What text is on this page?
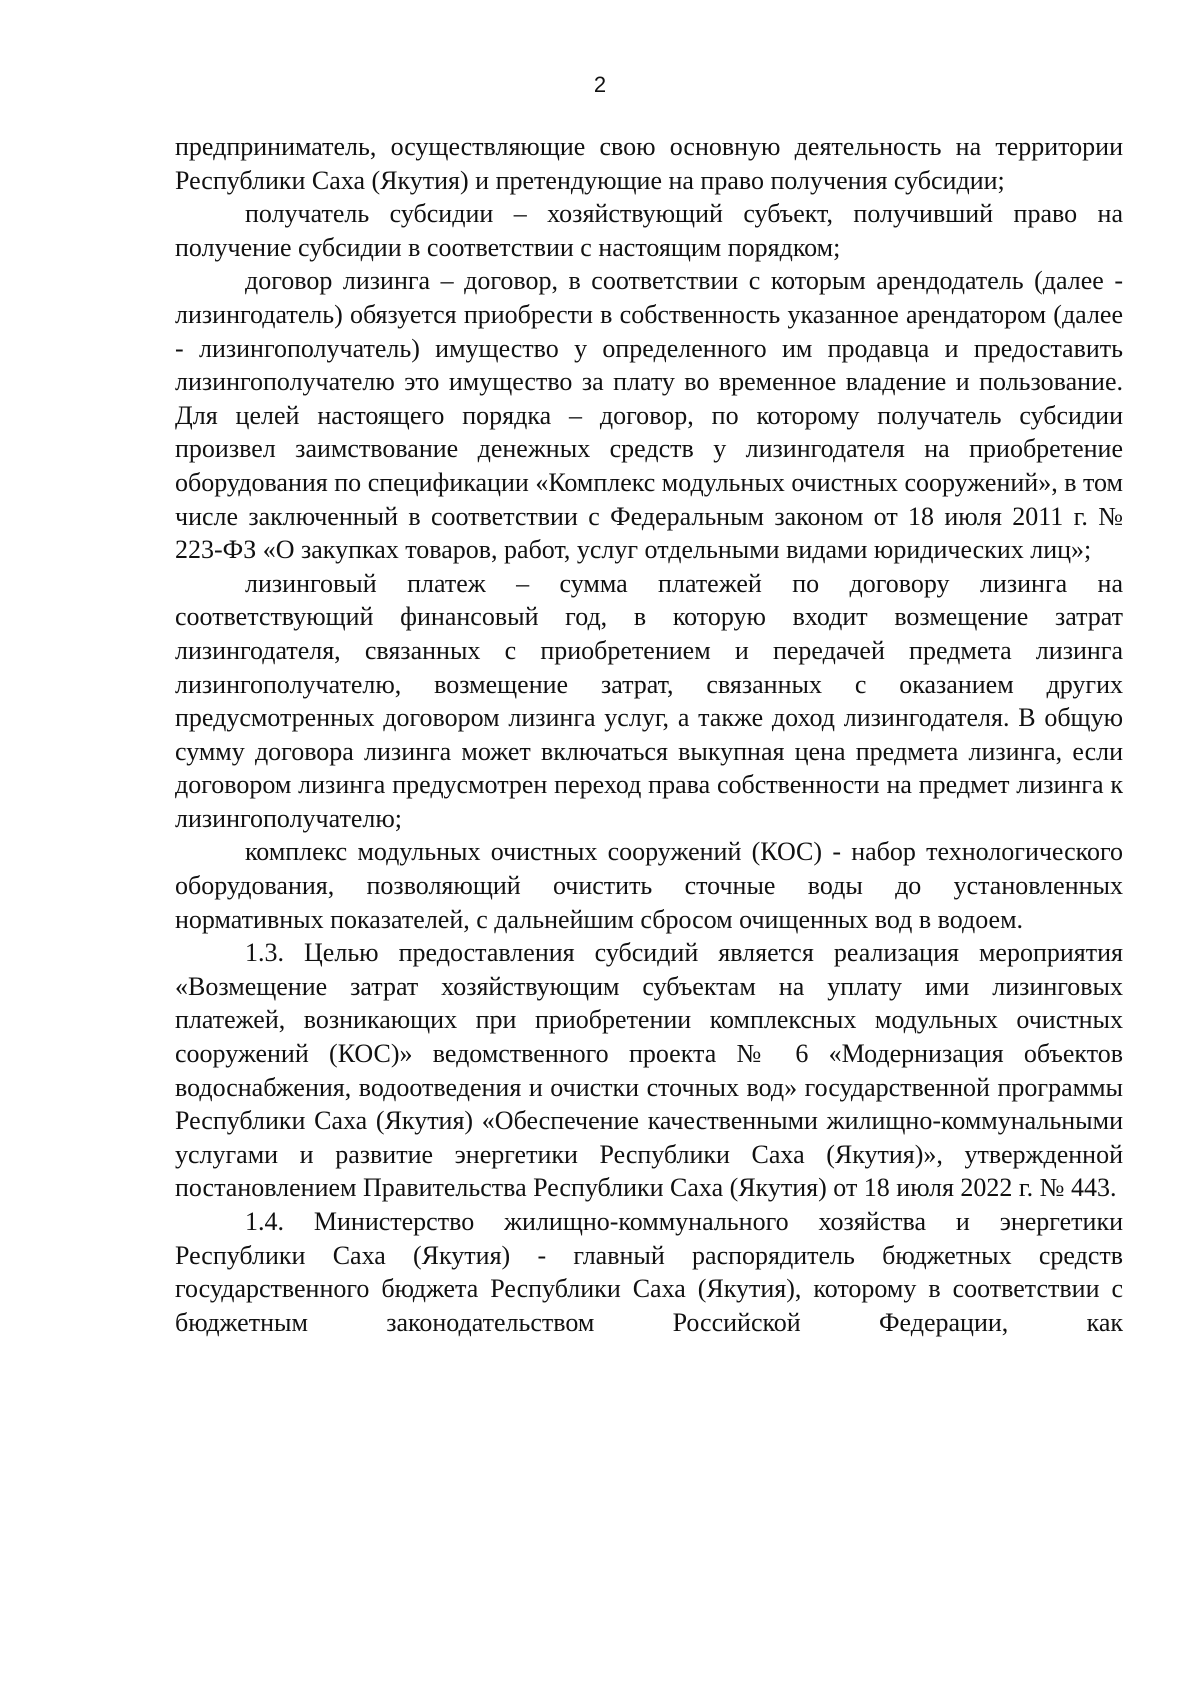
2

предприниматель, осуществляющие свою основную деятельность на территории Республики Саха (Якутия) и претендующие на право получения субсидии;

получатель субсидии – хозяйствующий субъект, получивший право на получение субсидии в соответствии с настоящим порядком;

договор лизинга – договор, в соответствии с которым арендодатель (далее - лизингодатель) обязуется приобрести в собственность указанное арендатором (далее - лизингополучатель) имущество у определенного им продавца и предоставить лизингополучателю это имущество за плату во временное владение и пользование. Для целей настоящего порядка – договор, по которому получатель субсидии произвел заимствование денежных средств у лизингодателя на приобретение оборудования по спецификации «Комплекс модульных очистных сооружений», в том числе заключенный в соответствии с Федеральным законом от 18 июля 2011 г. № 223-ФЗ «О закупках товаров, работ, услуг отдельными видами юридических лиц»;

лизинговый платеж – сумма платежей по договору лизинга на соответствующий финансовый год, в которую входит возмещение затрат лизингодателя, связанных с приобретением и передачей предмета лизинга лизингополучателю, возмещение затрат, связанных с оказанием других предусмотренных договором лизинга услуг, а также доход лизингодателя. В общую сумму договора лизинга может включаться выкупная цена предмета лизинга, если договором лизинга предусмотрен переход права собственности на предмет лизинга к лизингополучателю;

комплекс модульных очистных сооружений (КОС) - набор технологического оборудования, позволяющий очистить сточные воды до установленных нормативных показателей, с дальнейшим сбросом очищенных вод в водоем.

1.3. Целью предоставления субсидий является реализация мероприятия «Возмещение затрат хозяйствующим субъектам на уплату ими лизинговых платежей, возникающих при приобретении комплексных модульных очистных сооружений (КОС)» ведомственного проекта № 6 «Модернизация объектов водоснабжения, водоотведения и очистки сточных вод» государственной программы Республики Саха (Якутия) «Обеспечение качественными жилищно-коммунальными услугами и развитие энергетики Республики Саха (Якутия)», утвержденной постановлением Правительства Республики Саха (Якутия) от 18 июля 2022 г. № 443.

1.4. Министерство жилищно-коммунального хозяйства и энергетики Республики Саха (Якутия) - главный распорядитель бюджетных средств государственного бюджета Республики Саха (Якутия), которому в соответствии с бюджетным законодательством Российской Федерации, как
